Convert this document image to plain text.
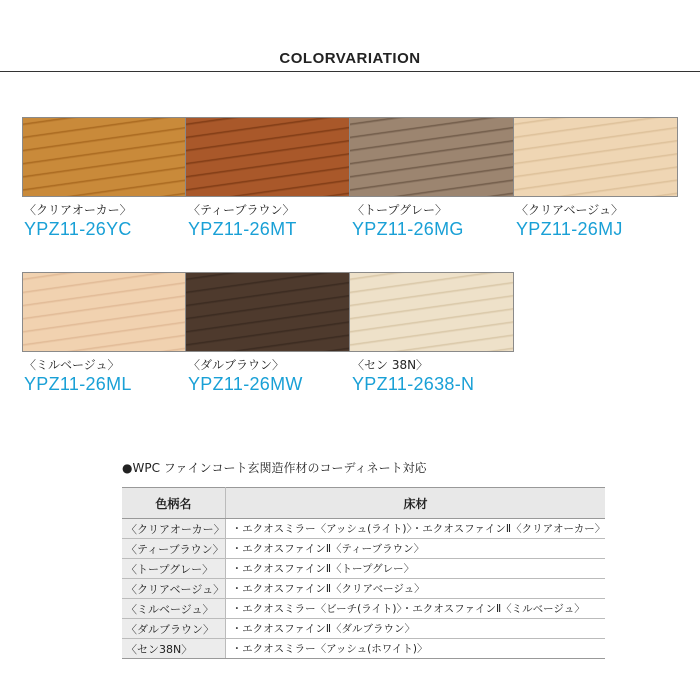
COLORVARIATION
〈クリアオーカー〉
YPZ11-26YC
〈ティーブラウン〉
YPZ11-26MT
〈トープグレー〉
YPZ11-26MG
〈クリアベージュ〉
YPZ11-26MJ
〈ミルベージュ〉
YPZ11-26ML
〈ダルブラウン〉
YPZ11-26MW
〈セン 38N〉
YPZ11-2638-N
●WPC ファインコート玄関造作材のコーディネート対応
色柄名	床材
〈クリアオーカー〉	・エクオスミラー〈アッシュ(ライト)〉・エクオスファインⅡ〈クリアオーカー〉
〈ティーブラウン〉	・エクオスファインⅡ〈ティーブラウン〉
〈トープグレー〉	・エクオスファインⅡ〈トープグレー〉
〈クリアベージュ〉	・エクオスファインⅡ〈クリアベージュ〉
〈ミルベージュ〉	・エクオスミラー〈ビーチ(ライト)〉・エクオスファインⅡ〈ミルベージュ〉
〈ダルブラウン〉	・エクオスファインⅡ〈ダルブラウン〉
〈セン38N〉	・エクオスミラー〈アッシュ(ホワイト)〉
